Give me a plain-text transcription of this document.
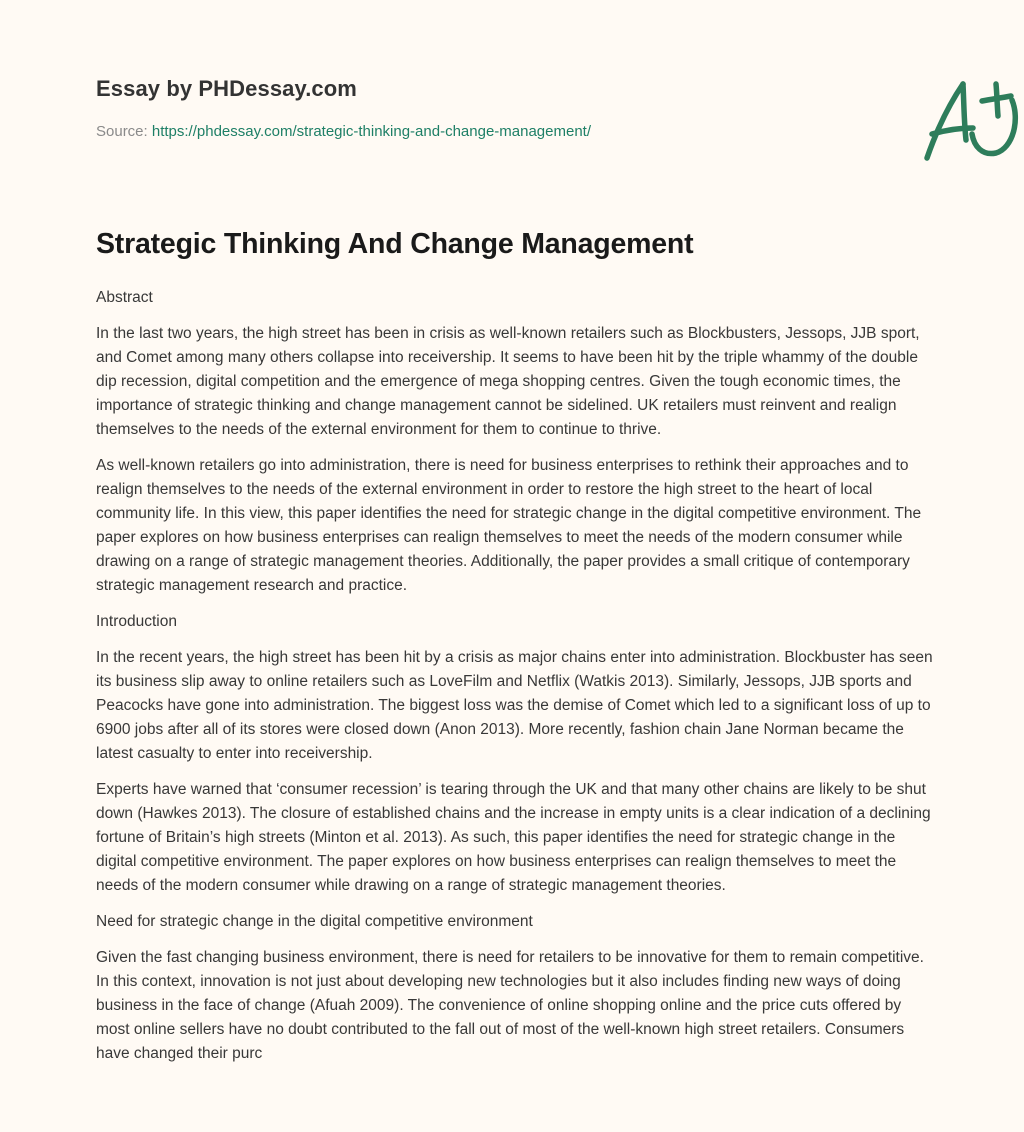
Essay by PHDessay.com
Source: https://phdessay.com/strategic-thinking-and-change-management/
Strategic Thinking And Change Management

Abstract

In the last two years, the high street has been in crisis as well-known retailers such as Blockbusters, Jessops, JJB sport, and Comet among many others collapse into receivership. It seems to have been hit by the triple whammy of the double dip recession, digital competition and the emergence of mega shopping centres. Given the tough economic times, the importance of strategic thinking and change management cannot be sidelined. UK retailers must reinvent and realign themselves to the needs of the external environment for them to continue to thrive.

As well-known retailers go into administration, there is need for business enterprises to rethink their approaches and to realign themselves to the needs of the external environment in order to restore the high street to the heart of local community life. In this view, this paper identifies the need for strategic change in the digital competitive environment. The paper explores on how business enterprises can realign themselves to meet the needs of the modern consumer while drawing on a range of strategic management theories. Additionally, the paper provides a small critique of contemporary strategic management research and practice.

Introduction

In the recent years, the high street has been hit by a crisis as major chains enter into administration. Blockbuster has seen its business slip away to online retailers such as LoveFilm and Netflix (Watkis 2013). Similarly, Jessops, JJB sports and Peacocks have gone into administration. The biggest loss was the demise of Comet which led to a significant loss of up to 6900 jobs after all of its stores were closed down (Anon 2013). More recently, fashion chain Jane Norman became the latest casualty to enter into receivership.

Experts have warned that ‘consumer recession’ is tearing through the UK and that many other chains are likely to be shut down (Hawkes 2013). The closure of established chains and the increase in empty units is a clear indication of a declining fortune of Britain’s high streets (Minton et al. 2013). As such, this paper identifies the need for strategic change in the digital competitive environment. The paper explores on how business enterprises can realign themselves to meet the needs of the modern consumer while drawing on a range of strategic management theories.

Need for strategic change in the digital competitive environment

Given the fast changing business environment, there is need for retailers to be innovative for them to remain competitive. In this context, innovation is not just about developing new technologies but it also includes finding new ways of doing business in the face of change (Afuah 2009). The convenience of online shopping online and the price cuts offered by most online sellers have no doubt contributed to the fall out of most of the well-known high street retailers. Consumers have changed their purc
